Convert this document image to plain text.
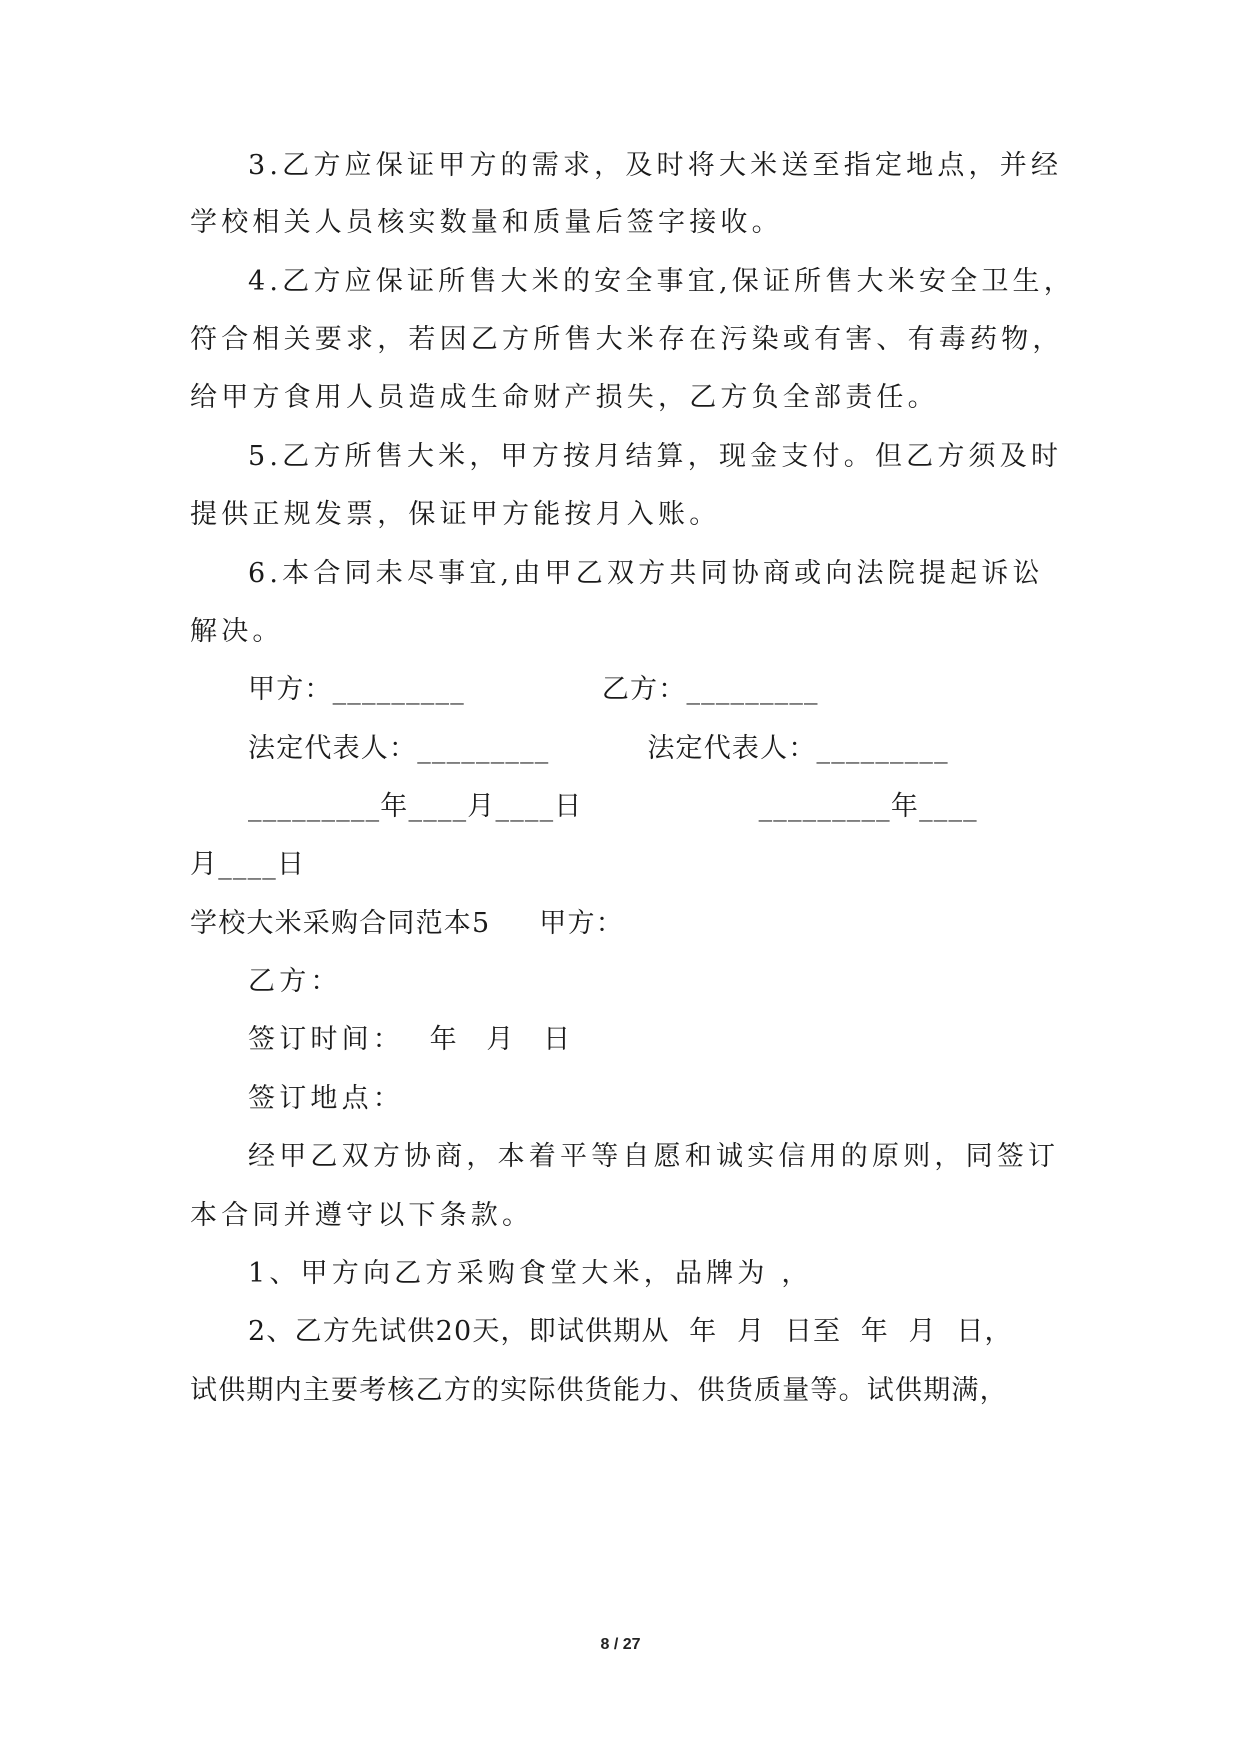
3.乙方应保证甲方的需求，及时将大米送至指定地点，并经
学校相关人员核实数量和质量后签字接收。
4.乙方应保证所售大米的安全事宜,保证所售大米安全卫生，
符合相关要求，若因乙方所售大米存在污染或有害、有毒药物，
给甲方食用人员造成生命财产损失，乙方负全部责任。
5.乙方所售大米，甲方按月结算，现金支付。但乙方须及时
提供正规发票，保证甲方能按月入账。
6.本合同未尽事宜,由甲乙双方共同协商或向法院提起诉讼
解决。
甲方：_________              乙方：_________
法定代表人：_________          法定代表人：_________
_________年____月____日                  _________年____
月____日
学校大米采购合同范本5     甲方：
乙方：
签订时间：  年  月  日
签订地点：
经甲乙双方协商，本着平等自愿和诚实信用的原则，同签订
本合同并遵守以下条款。
1、甲方向乙方采购食堂大米，品牌为 ，
2、乙方先试供20天，即试供期从  年  月  日至  年  月  日，
试供期内主要考核乙方的实际供货能力、供货质量等。试供期满，
8 / 27
